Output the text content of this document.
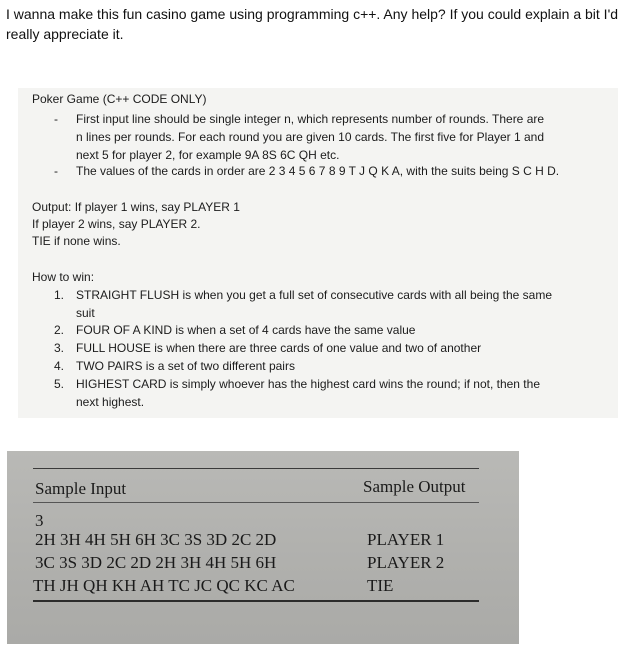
I wanna make this fun casino game using programming c++. Any help? If you could explain a bit I'd really appreciate it.
Poker Game (C++ CODE ONLY)
- First input line should be single integer n, which represents number of rounds. There are
n lines per rounds. For each round you are given 10 cards. The first five for Player 1 and
next 5 for player 2, for example 9A 8S 6C QH etc.
- The values of the cards in order are 2 3 4 5 6 7 8 9 T J Q K A, with the suits being S C H D.
Output: If player 1 wins, say PLAYER 1
If player 2 wins, say PLAYER 2.
TIE if none wins.
How to win:
1. STRAIGHT FLUSH is when you get a full set of consecutive cards with all being the same
suit
2. FOUR OF A KIND is when a set of 4 cards have the same value
3. FULL HOUSE is when there are three cards of one value and two of another
4. TWO PAIRS is a set of two different pairs
5. HIGHEST CARD is simply whoever has the highest card wins the round; if not, then the
next highest.
Sample Input	Sample Output
3
2H 3H 4H 5H 6H 3C 3S 3D 2C 2D
3C 3S 3D 2C 2D 2H 3H 4H 5H 6H
TH JH QH KH AH TC JC QC KC AC
PLAYER 1
PLAYER 2
TIE
